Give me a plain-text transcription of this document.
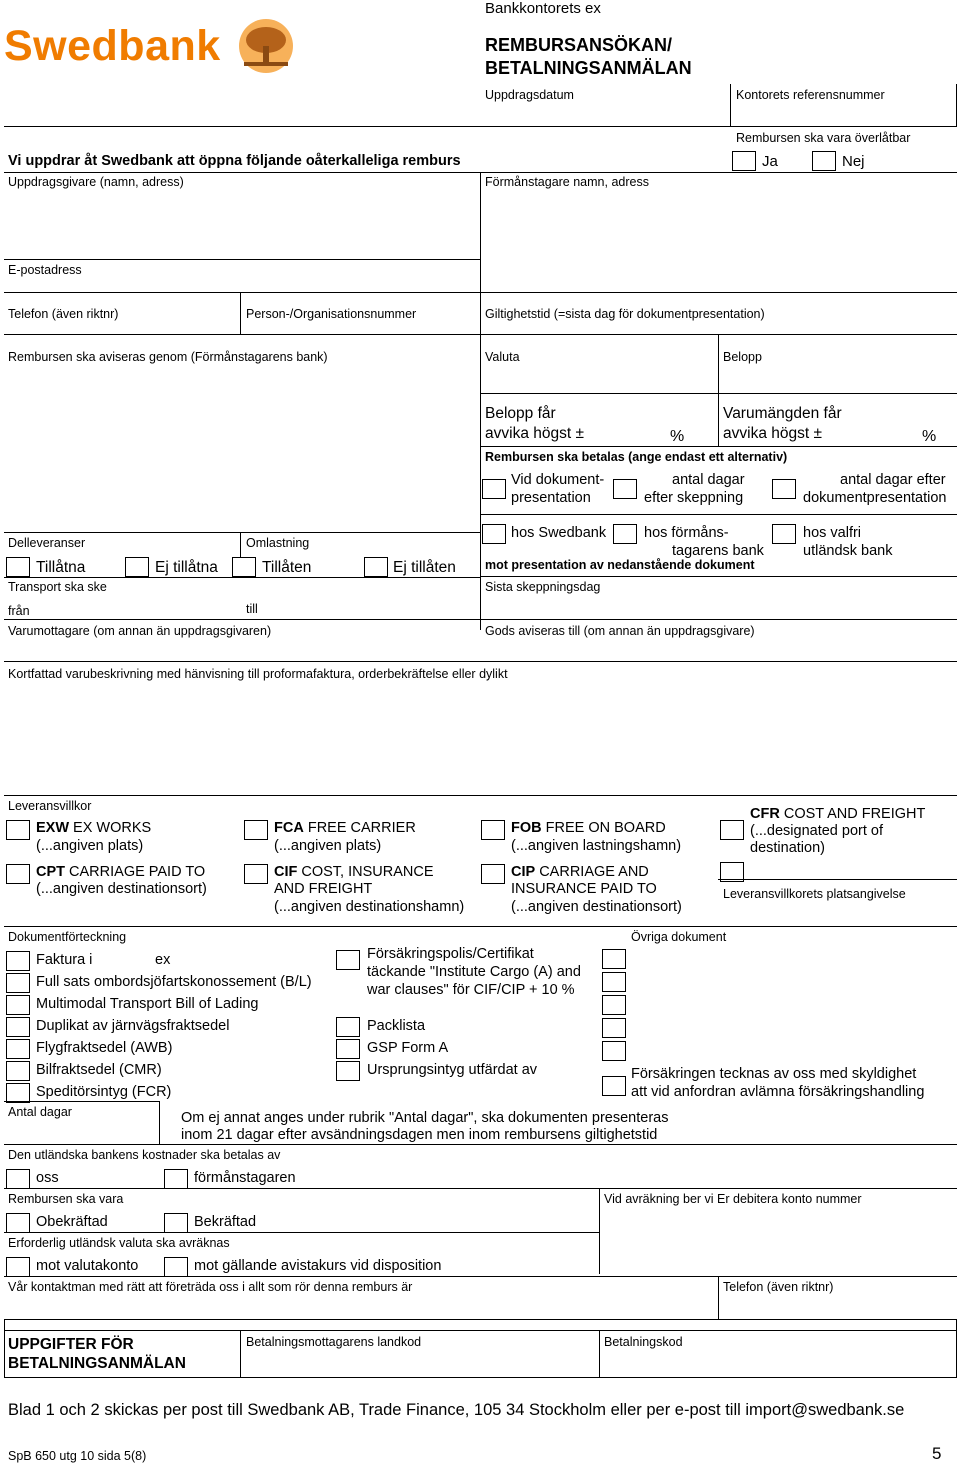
Swedbank
Bankkontorets ex
REMBURSANSÖKAN/
BETALNINGSANMÄLAN
Uppdragsdatum	Kontorets referensnummer
Rembursen ska vara överlåtbar
Vi uppdrar åt Swedbank att öppna följande oåterkalleliga remburs	Ja	Nej
Uppdragsgivare (namn, adress)	Förmånstagare namn, adress
E-postadress
Telefon (även riktnr)	Person-/Organisationsnummer	Giltighetstid (=sista dag för dokumentpresentation)
Rembursen ska aviseras genom (Förmånstagarens bank)	Valuta	Belopp
Belopp får
avvika högst ±	%
Varumängden får
avvika högst ±	%
Rembursen ska betalas (ange endast ett alternativ)
Vid dokument-
presentation
antal dagar
efter skeppning
antal dagar efter
dokumentpresentation
hos Swedbank	hos förmåns-
tagarens bank
hos valfri
utländsk bank
mot presentation av nedanstående dokument
Sista skeppningsdag
Delleveranser	Omlastning
Tillåtna	Ej tillåtna	Tillåten	Ej tillåten
Transport ska ske
från	till
Varumottagare (om annan än uppdragsgivaren)	Gods aviseras till (om annan än uppdragsgivare)
Kortfattad varubeskrivning med hänvisning till proformafaktura, orderbekräftelse eller dylikt
Leveransvillkor
EXW EX WORKS
(...angiven plats)
FCA FREE CARRIER
(...angiven plats)
FOB FREE ON BOARD
(...angiven lastningshamn)
CFR COST AND FREIGHT
(...designated port of
destination)
CPT CARRIAGE PAID TO
(...angiven destinationsort)
CIF COST, INSURANCE
AND FREIGHT
(...angiven destinationshamn)
CIP CARRIAGE AND
INSURANCE PAID TO
(...angiven destinationsort)
Leveransvillkorets platsangivelse
Dokumentförteckning	Övriga dokument
Faktura i	ex
Full sats ombordsjöfartskonossement (B/L)
Multimodal Transport Bill of Lading
Duplikat av järnvägsfraktsedel
Flygfraktsedel (AWB)
Bilfraktsedel (CMR)
Speditörsintyg (FCR)
Försäkringspolis/Certifikat
täckande "Institute Cargo (A) and
war clauses" för CIF/CIP + 10 %
Packlista
GSP Form A
Ursprungsintyg utfärdat av	Försäkringen tecknas av oss med skyldighet
att vid anfordran avlämna försäkringshandling
Antal dagar	Om ej annat anges under rubrik "Antal dagar", ska dokumenten presenteras
inom 21 dagar efter avsändningsdagen men inom rembursens giltighetstid
Den utländska bankens kostnader ska betalas av
oss	förmånstagaren
Rembursen ska vara	Vid avräkning ber vi Er debitera konto nummer
Obekräftad	Bekräftad
Erforderlig utländsk valuta ska avräknas
mot valutakonto	mot gällande avistakurs vid disposition
Vår kontaktman med rätt att företräda oss i allt som rör denna remburs är	Telefon (även riktnr)
UPPGIFTER FÖR
BETALNINGSANMÄLAN
Betalningsmottagarens landkod	Betalningskod
Blad 1 och 2 skickas per post till Swedbank AB, Trade Finance, 105 34 Stockholm eller per e-post till import@swedbank.se
SpB 650 utg 10 sida 5(8)	5
